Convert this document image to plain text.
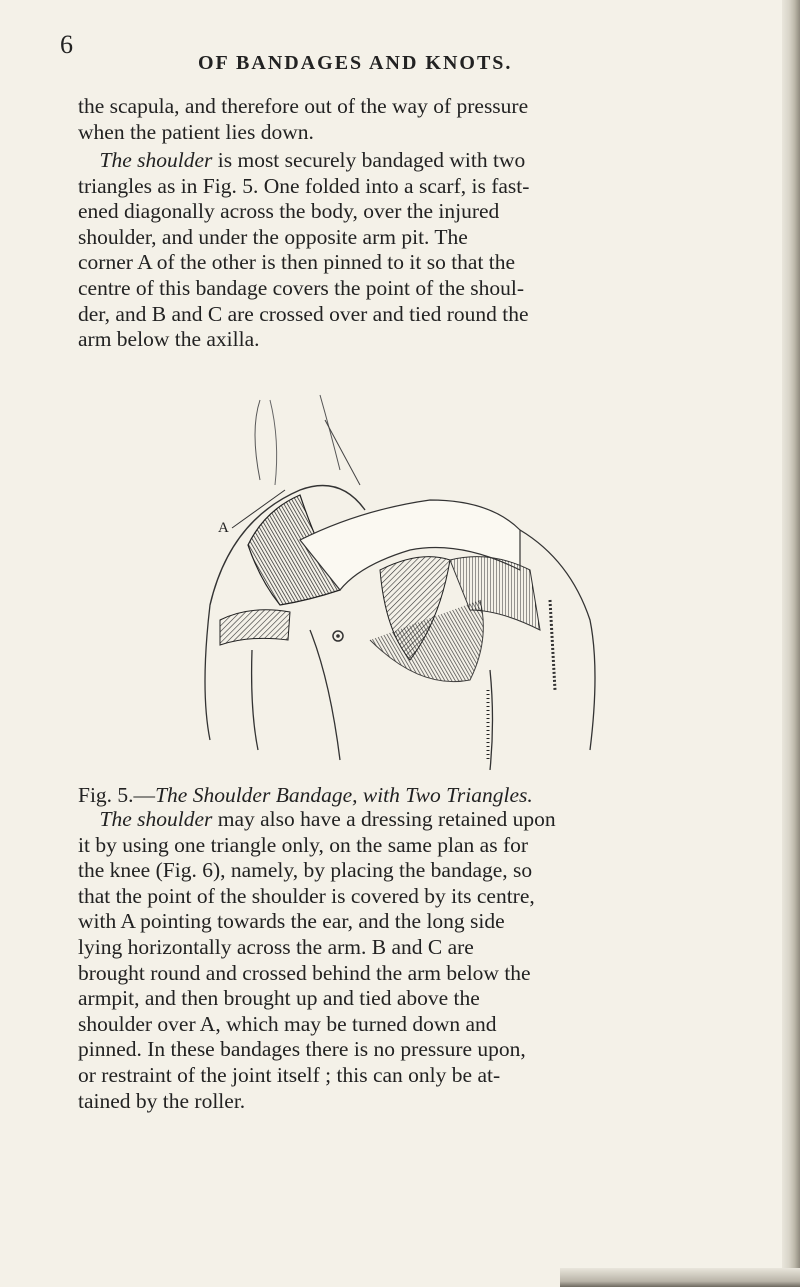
6
OF BANDAGES AND KNOTS.

the scapula, and therefore out of the way of pressure
when the patient lies down.

 The shoulder is most securely bandaged with two
triangles as in Fig. 5. One folded into a scarf, is fast-
ened diagonally across the body, over the injured
shoulder, and under the opposite arm pit. The
corner A of the other is then pinned to it so that the
centre of this bandage covers the point of the shoul-
der, and B and C are crossed over and tied round the
arm below the axilla.

A
Fig. 5.—The Shoulder Bandage, with Two Triangles.

 The shoulder may also have a dressing retained upon
it by using one triangle only, on the same plan as for
the knee (Fig. 6), namely, by placing the bandage, so
that the point of the shoulder is covered by its centre,
with A pointing towards the ear, and the long side
lying horizontally across the arm. B and C are
brought round and crossed behind the arm below the
armpit, and then brought up and tied above the
shoulder over A, which may be turned down and
pinned. In these bandages there is no pressure upon,
or restraint of the joint itself ; this can only be at-
tained by the roller.
